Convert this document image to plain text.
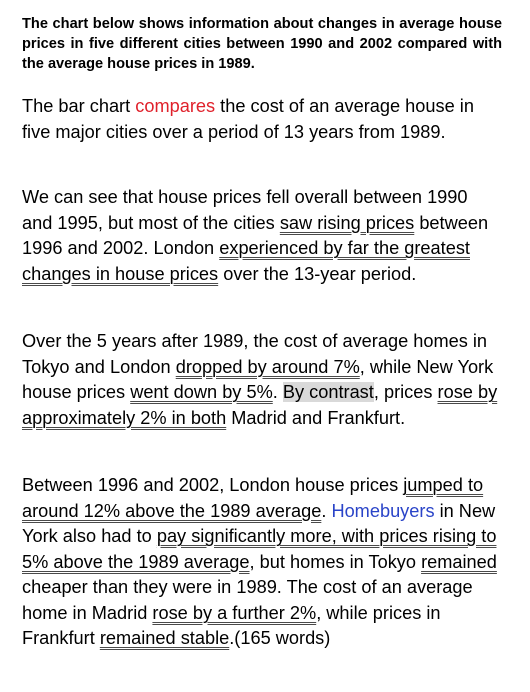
The chart below shows information about changes in average house prices in five different cities between 1990 and 2002 compared with the average house prices in 1989.

The bar chart compares the cost of an average house in five major cities over a period of 13 years from 1989.

We can see that house prices fell overall between 1990 and 1995, but most of the cities saw rising prices between 1996 and 2002. London experienced by far the greatest changes in house prices over the 13-year period.

Over the 5 years after 1989, the cost of average homes in Tokyo and London dropped by around 7%, while New York house prices went down by 5%. By contrast, prices rose by approximately 2% in both Madrid and Frankfurt.

Between 1996 and 2002, London house prices jumped to around 12% above the 1989 average. Homebuyers in New York also had to pay significantly more, with prices rising to 5% above the 1989 average, but homes in Tokyo remained cheaper than they were in 1989. The cost of an average home in Madrid rose by a further 2%, while prices in Frankfurt remained stable.(165 words)
